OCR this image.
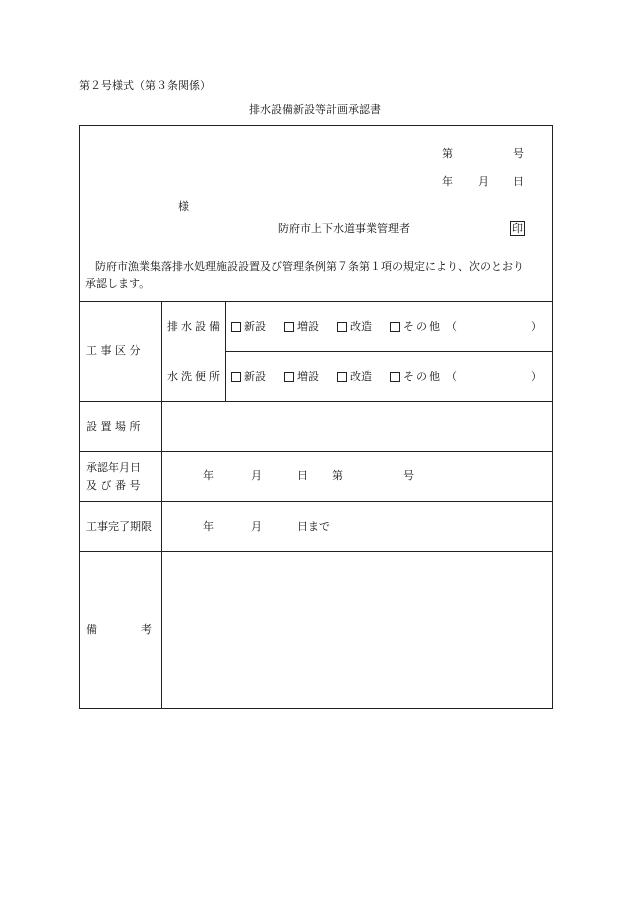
第２号様式（第３条関係）
排水設備新設等計画承認書
第	号
年 月 日
様
防府市上下水道事業管理者	印
防府市漁業集落排水処理施設設置及び管理条例第７条第１項の規定により、次のとおり
承認します。
工 事 区 分
排水設備 新設	増設	改造	その他 （	）
水洗便所 新設	増設	改造	その他 （	）
設 置 場 所
承認年月日
及 び 番 号
年	月	日 第	号
工事完了期限	年	月	日まで
備　　　　考
